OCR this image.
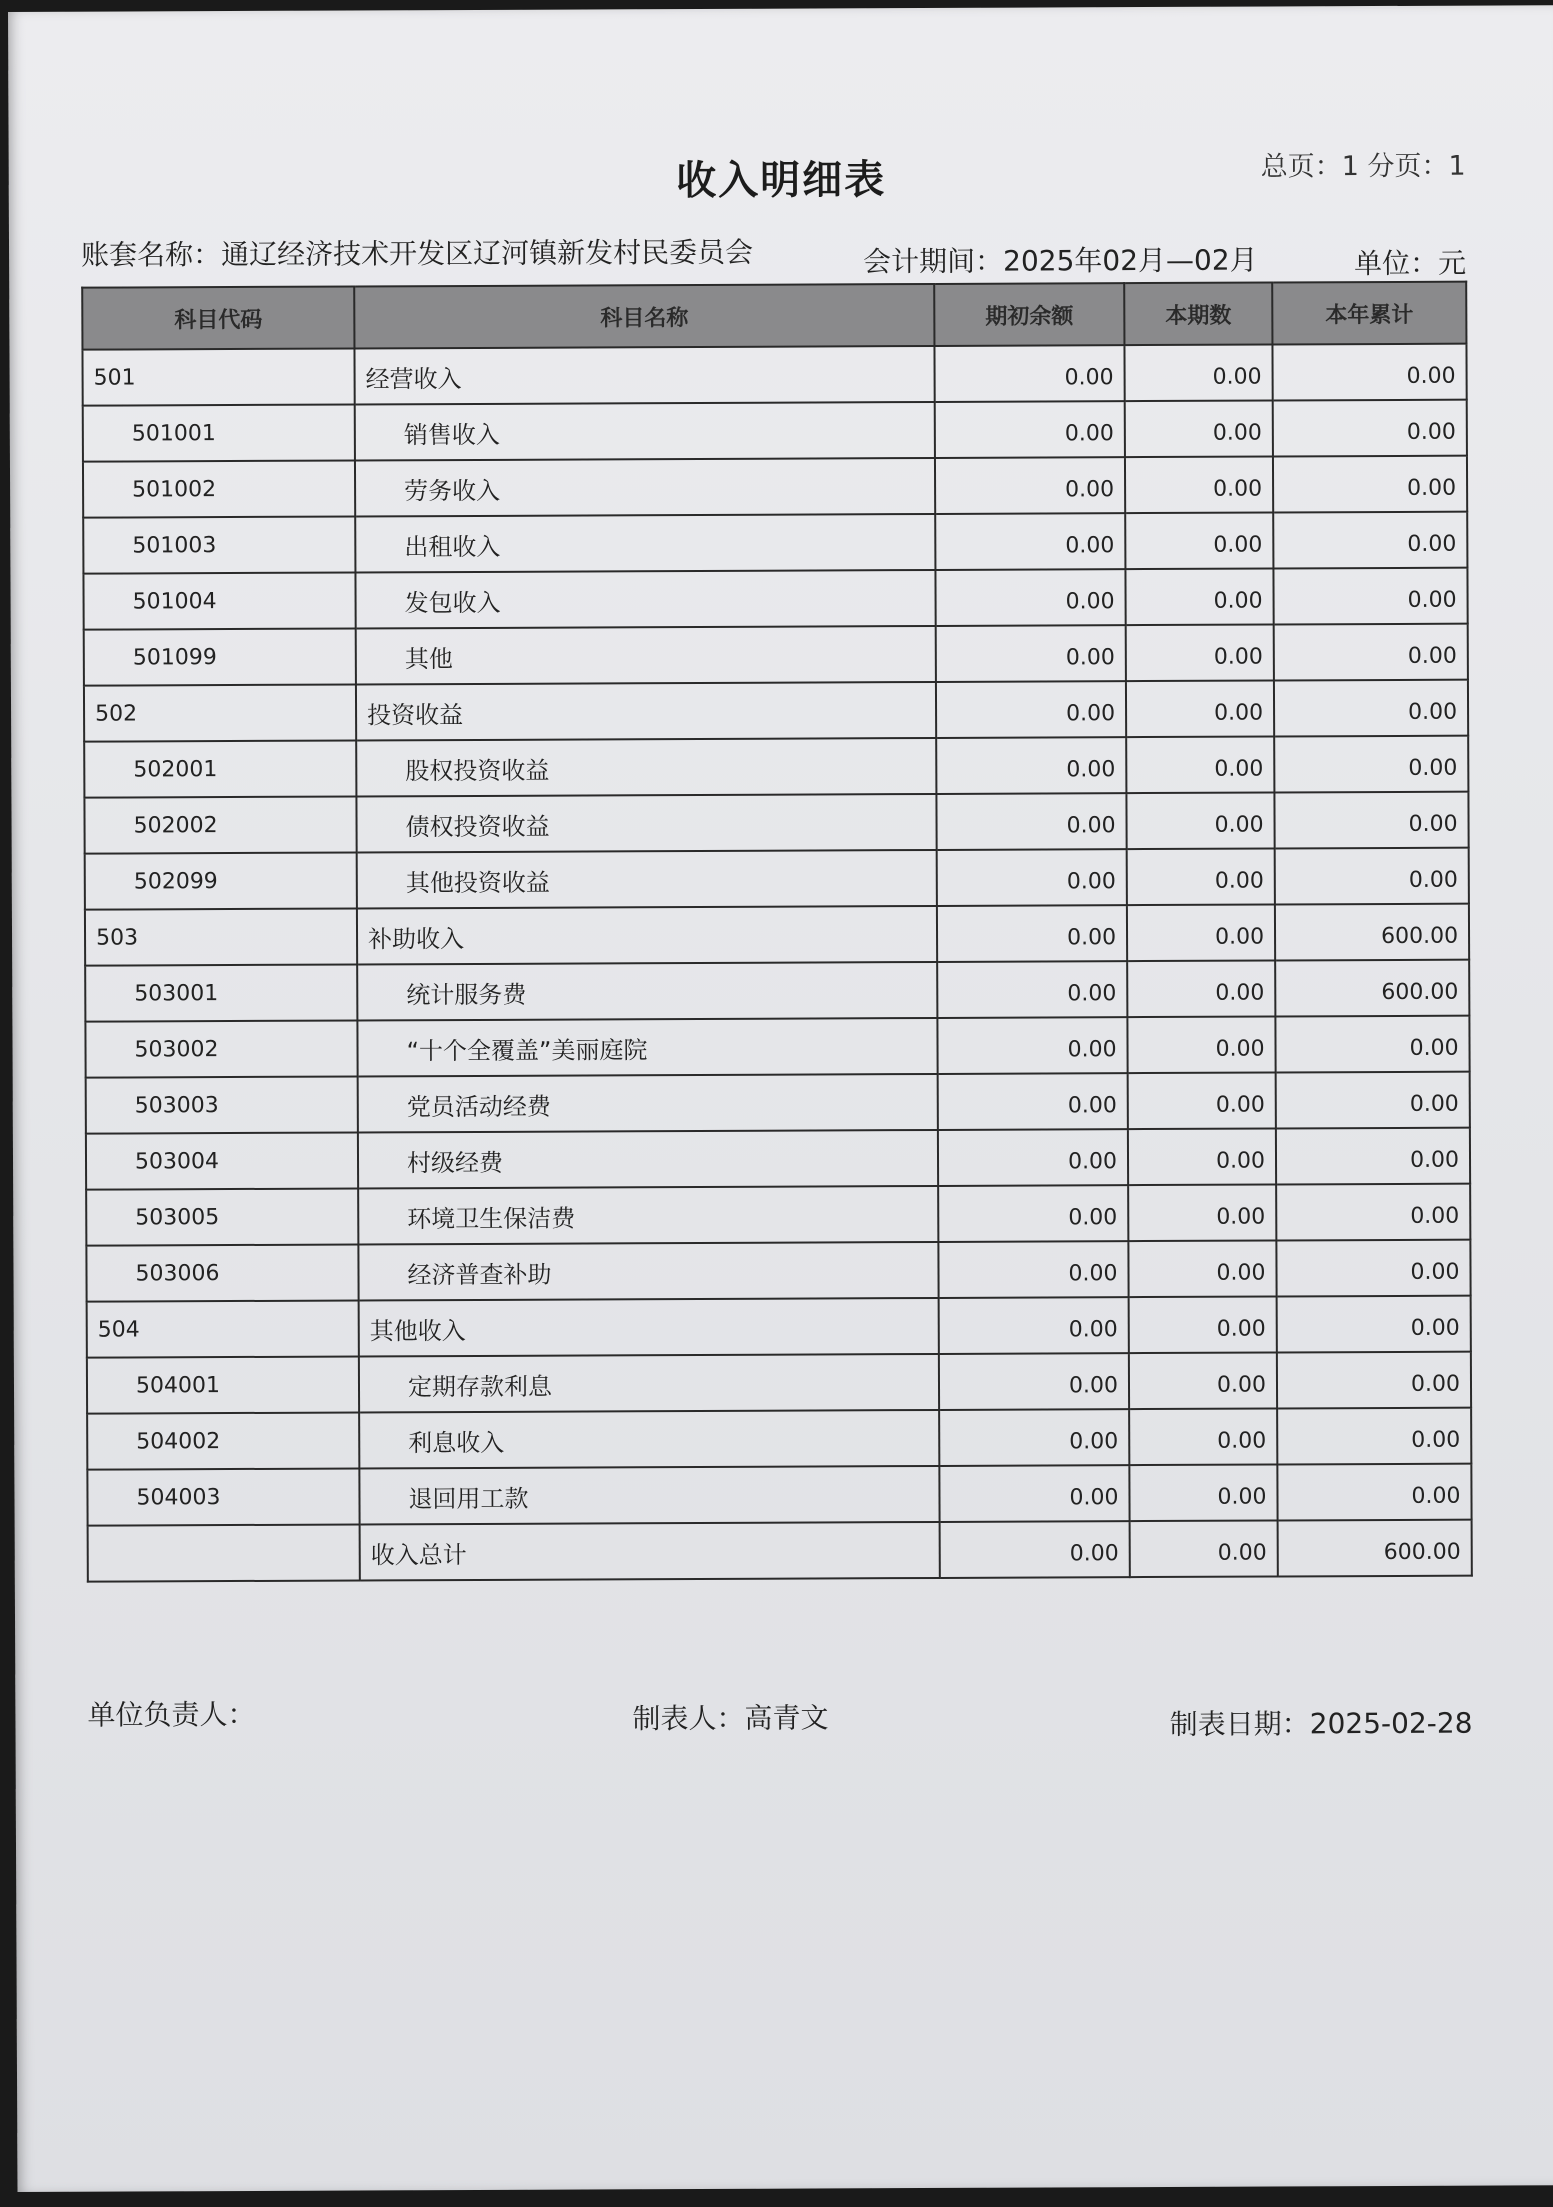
收入明细表	总页：1 分页：1
账套名称：通辽经济技术开发区辽河镇新发村民委员会	会计期间：2025年02月—02月	单位：元
科目代码	科目名称	期初余额	本期数	本年累计
501	经营收入	0.00	0.00	0.00
501001	销售收入	0.00	0.00	0.00
501002	劳务收入	0.00	0.00	0.00
501003	出租收入	0.00	0.00	0.00
501004	发包收入	0.00	0.00	0.00
501099	其他	0.00	0.00	0.00
502	投资收益	0.00	0.00	0.00
502001	股权投资收益	0.00	0.00	0.00
502002	债权投资收益	0.00	0.00	0.00
502099	其他投资收益	0.00	0.00	0.00
503	补助收入	0.00	0.00	600.00
503001	统计服务费	0.00	0.00	600.00
503002	“十个全覆盖”美丽庭院	0.00	0.00	0.00
503003	党员活动经费	0.00	0.00	0.00
503004	村级经费	0.00	0.00	0.00
503005	环境卫生保洁费	0.00	0.00	0.00
503006	经济普查补助	0.00	0.00	0.00
504	其他收入	0.00	0.00	0.00
504001	定期存款利息	0.00	0.00	0.00
504002	利息收入	0.00	0.00	0.00
504003	退回用工款	0.00	0.00	0.00
	收入总计	0.00	0.00	600.00
单位负责人：	制表人：高青文	制表日期：2025-02-28
